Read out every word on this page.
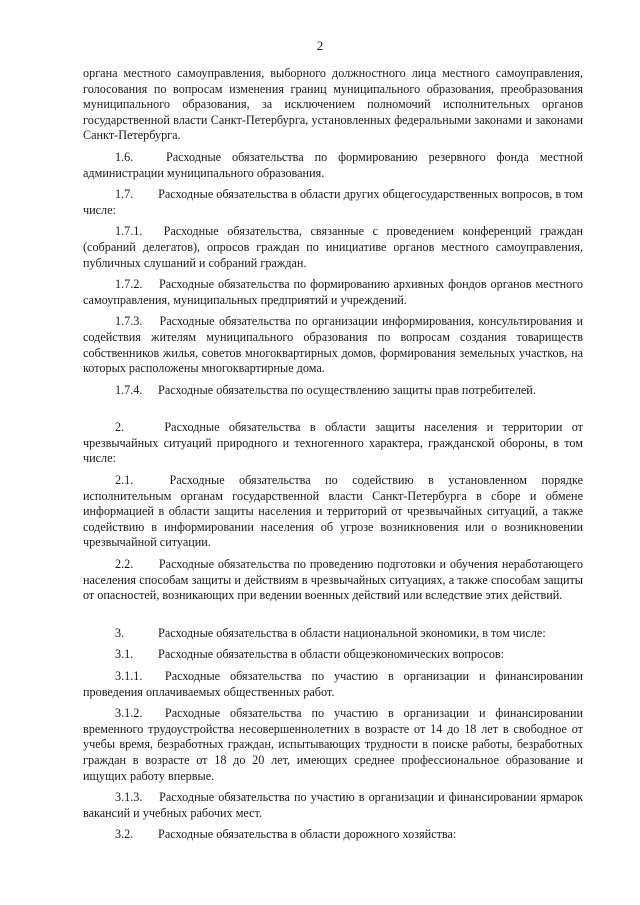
2

органа местного самоуправления, выборного должностного лица местного самоуправления, голосования по вопросам изменения границ муниципального образования, преобразования муниципального образования, за исключением полномочий исполнительных органов государственной власти Санкт-Петербурга, установленных федеральными законами и законами Санкт-Петербурга.

1.6.	Расходные обязательства по формированию резервного фонда местной администрации муниципального образования.

1.7. Расходные обязательства в области других общегосударственных вопросов, в том числе:

1.7.1. Расходные обязательства, связанные с проведением конференций граждан (собраний делегатов), опросов граждан по инициативе органов местного самоуправления, публичных слушаний и собраний граждан.

1.7.2. Расходные обязательства по формированию архивных фондов органов местного самоуправления, муниципальных предприятий и учреждений.

1.7.3. Расходные обязательства по организации информирования, консультирования и содействия жителям муниципального образования по вопросам создания товариществ собственников жилья, советов многоквартирных домов, формирования земельных участков, на которых расположены многоквартирные дома.

1.7.4. Расходные обязательства по осуществлению защиты прав потребителей.

2.	Расходные обязательства в области защиты населения и территории от чрезвычайных ситуаций природного и техногенного характера, гражданской обороны, в том числе:

2.1.	Расходные обязательства по содействию в установленном порядке исполнительным органам государственной власти Санкт-Петербурга в сборе и обмене информацией в области защиты населения и территорий от чрезвычайных ситуаций, а также содействию в информировании населения об угрозе возникновения или о возникновении чрезвычайной ситуации.

2.2. Расходные обязательства по проведению подготовки и обучения неработающего населения способам защиты и действиям в чрезвычайных ситуациях, а также способам защиты от опасностей, возникающих при ведении военных действий или вследствие этих действий.

3.	Расходные обязательства в области национальной экономики, в том числе:

3.1. Расходные обязательства в области общеэкономических вопросов:

3.1.1. Расходные обязательства по участию в организации и финансировании проведения оплачиваемых общественных работ.

3.1.2. Расходные обязательства по участию в организации и финансировании временного трудоустройства несовершеннолетних в возрасте от 14 до 18 лет в свободное от учебы время, безработных граждан, испытывающих трудности в поиске работы, безработных граждан в возрасте от 18 до 20 лет, имеющих среднее профессиональное образование и ищущих работу впервые.

3.1.3. Расходные обязательства по участию в организации и финансировании ярмарок вакансий и учебных рабочих мест.

3.2. Расходные обязательства в области дорожного хозяйства:
